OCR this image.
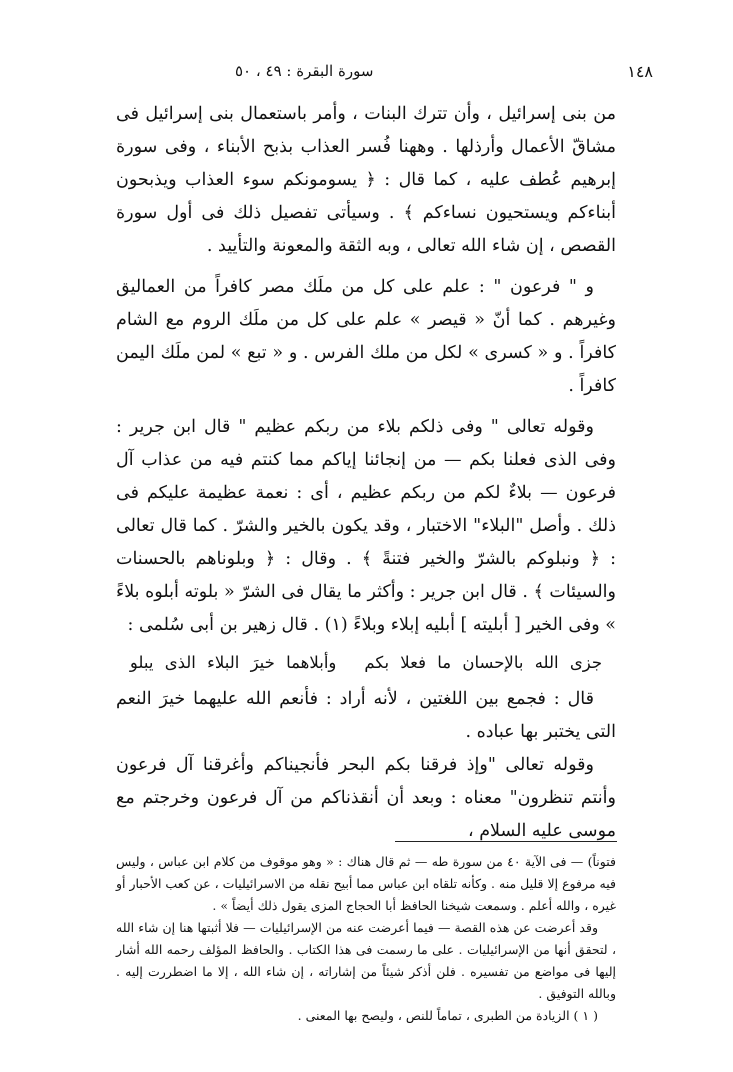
١٤٨
سورة البقرة : ٤٩ ، ٥٠

من بنى إسرائيل ، وأن تترك البنات ، وأمر باستعمال بنى إسرائيل فى مشاقّ الأعمال وأرذلها . وههنا فُسر العذاب بذبح الأبناء ، وفى سورة إبرهيم عُطف عليه ، كما قال : ﴿ يسومونكم سوء العذاب ويذبحون أبناءكم ويستحيون نساءكم ﴾ . وسيأتى تفصيل ذلك فى أول سورة القصص ، إن شاء الله تعالى ، وبه الثقة والمعونة والتأييد .

و " فرعون " : علم على كل من ملَك مصر كافراً من العماليق وغيرهم . كما أنّ « قيصر » علم على كل من ملَك الروم مع الشام كافراً . و « كسرى » لكل من ملك الفرس . و « تبع » لمن ملَك اليمن كافراً .

وقوله تعالى " وفى ذلكم بلاء من ربكم عظيم " قال ابن جرير : وفى الذى فعلنا بكم — من إنجائنا إياكم مما كنتم فيه من عذاب آل فرعون — بلاءٌ لكم من ربكم عظيم ، أى : نعمة عظيمة عليكم فى ذلك . وأصل "البلاء" الاختبار ، وقد يكون بالخير والشرّ . كما قال تعالى : ﴿ ونبلوكم بالشرّ والخير فتنةً ﴾ . وقال : ﴿ وبلوناهم بالحسنات والسيئات ﴾ . قال ابن جرير : وأكثر ما يقال فى الشرّ « بلوته أبلوه بلاءً » وفى الخير [ أبليته ] أبليه إبلاء وبلاءً (١) . قال زهير بن أبى سُلمى :

جزى الله بالإحسان ما فعلا بكموأبلاهما خيرَ البلاء الذى يبلو

قال : فجمع بين اللغتين ، لأنه أراد : فأنعم الله عليهما خيرَ النعم التى يختبر بها عباده .

وقوله تعالى "وإذ فرقنا بكم البحر فأنجيناكم وأغرقنا آل فرعون وأنتم تنظرون" معناه : وبعد أن أنقذناكم من آل فرعون وخرجتم مع موسى عليه السلام ،

فتوناً) — فى الآية ٤٠ من سورة طه — ثم قال هناك : « وهو موقوف من كلام ابن عباس ، وليس فيه مرفوع إلا قليل منه . وكأنه تلقاه ابن عباس مما أبيح نقله من الاسرائيليات ، عن كعب الأحبار أو غيره ، والله أعلم . وسمعت شيخنا الحافظ أبا الحجاج المزى يقول ذلك أيضاً » .

وقد أعرضت عن هذه القصة — فيما أعرضت عنه من الإسرائيليات — فلا أثبتها هنا إن شاء الله ، لتحقق أنها من الإسرائيليات . على ما رسمت فى هذا الكتاب . والحافظ المؤلف رحمه الله أشار إليها فى مواضع من تفسيره . فلن أذكر شيئاً من إشاراته ، إن شاء الله ، إلا ما اضطررت إليه . وبالله التوفيق .

( ١ ) الزيادة من الطبرى ، تماماً للنص ، وليصح بها المعنى .
